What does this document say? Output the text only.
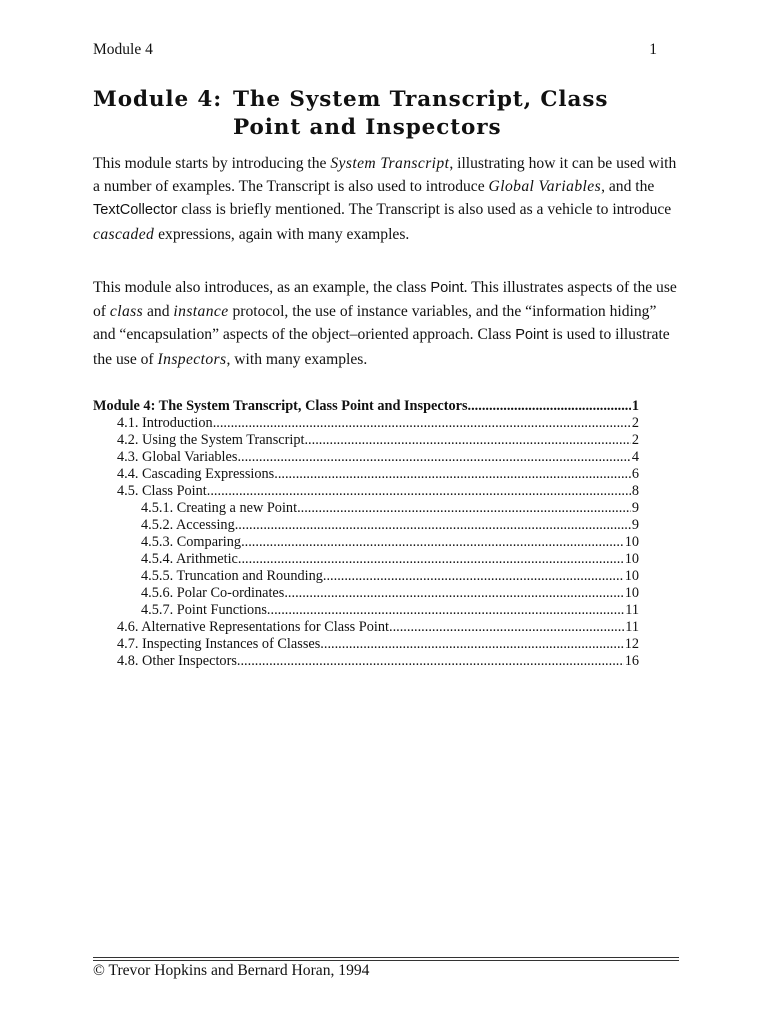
Module 4	1
Module 4: The System Transcript, Class Point and Inspectors
This module starts by introducing the System Transcript, illustrating how it can be used with a number of examples. The Transcript is also used to introduce Global Variables, and the TextCollector class is briefly mentioned. The Transcript is also used as a vehicle to introduce cascaded expressions, again with many examples.
This module also introduces, as an example, the class Point. This illustrates aspects of the use of class and instance protocol, the use of instance variables, and the “information hiding” and “encapsulation” aspects of the object–oriented approach. Class Point is used to illustrate the use of Inspectors, with many examples.
Module 4: The System Transcript, Class Point and Inspectors .....	1
4.1. Introduction .....	2
4.2. Using the System Transcript .....	2
4.3. Global Variables .....	4
4.4. Cascading Expressions .....	6
4.5. Class Point .....	8
4.5.1. Creating a new Point .....	9
4.5.2. Accessing .....	9
4.5.3. Comparing .....	10
4.5.4. Arithmetic .....	10
4.5.5. Truncation and Rounding .....	10
4.5.6. Polar Co-ordinates .....	10
4.5.7. Point Functions .....	11
4.6. Alternative Representations for Class Point .....	11
4.7. Inspecting Instances of Classes .....	12
4.8. Other Inspectors .....	16
© Trevor Hopkins and Bernard Horan, 1994
